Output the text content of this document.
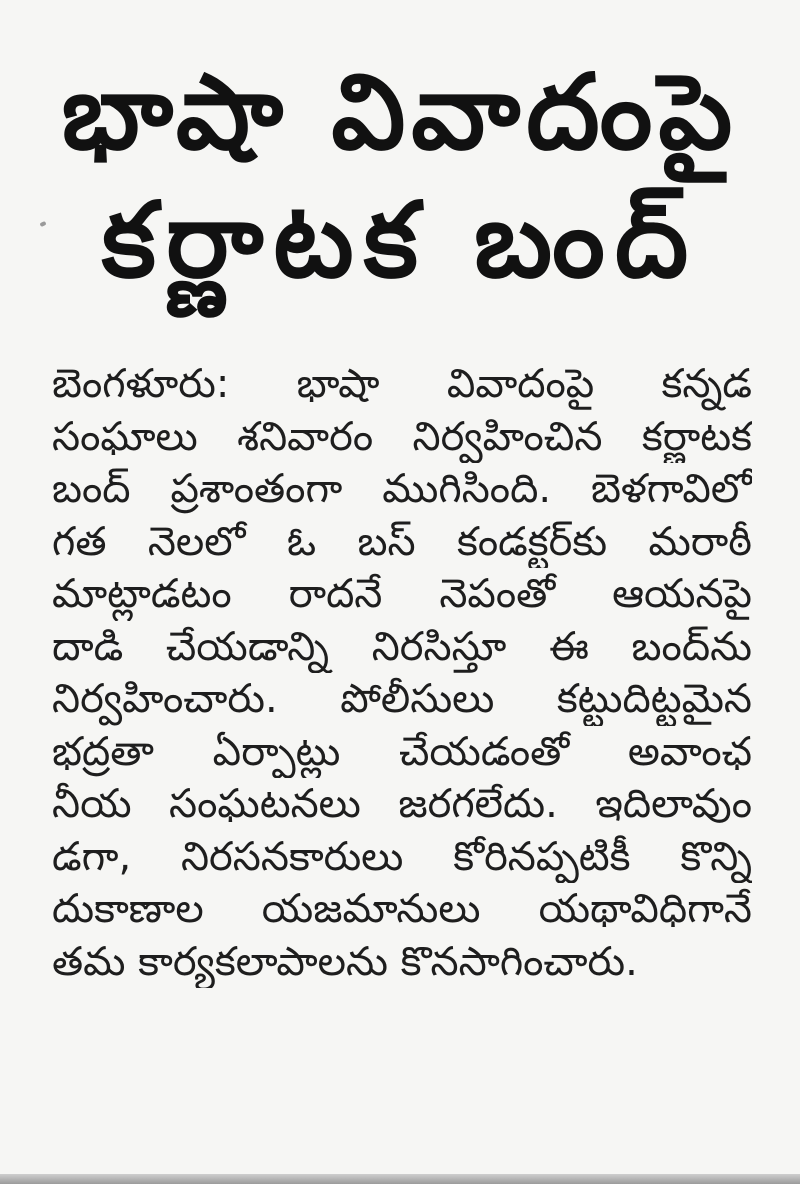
భాషా వివాదంపై
కర్ణాటక బంద్
బెంగళూరు: భాషా వివాదంపై కన్నడ
సంఘాలు శనివారం నిర్వహించిన కర్ణాటక
బంద్ ప్రశాంతంగా ముగిసింది. బెళగావిలో
గత నెలలో ఓ బస్ కండక్టర్‌కు మరాఠీ
మాట్లాడటం రాదనే నెపంతో ఆయనపై
దాడి చేయడాన్ని నిరసిస్తూ ఈ బంద్‌ను
నిర్వహించారు. పోలీసులు కట్టుదిట్టమైన
భద్రతా ఏర్పాట్లు చేయడంతో అవాంఛ
నీయ సంఘటనలు జరగలేదు. ఇదిలావుం
డగా, నిరసనకారులు కోరినప్పటికీ కొన్ని
దుకాణాల యజమానులు యథావిధిగానే
తమ కార్యకలాపాలను కొనసాగించారు.
